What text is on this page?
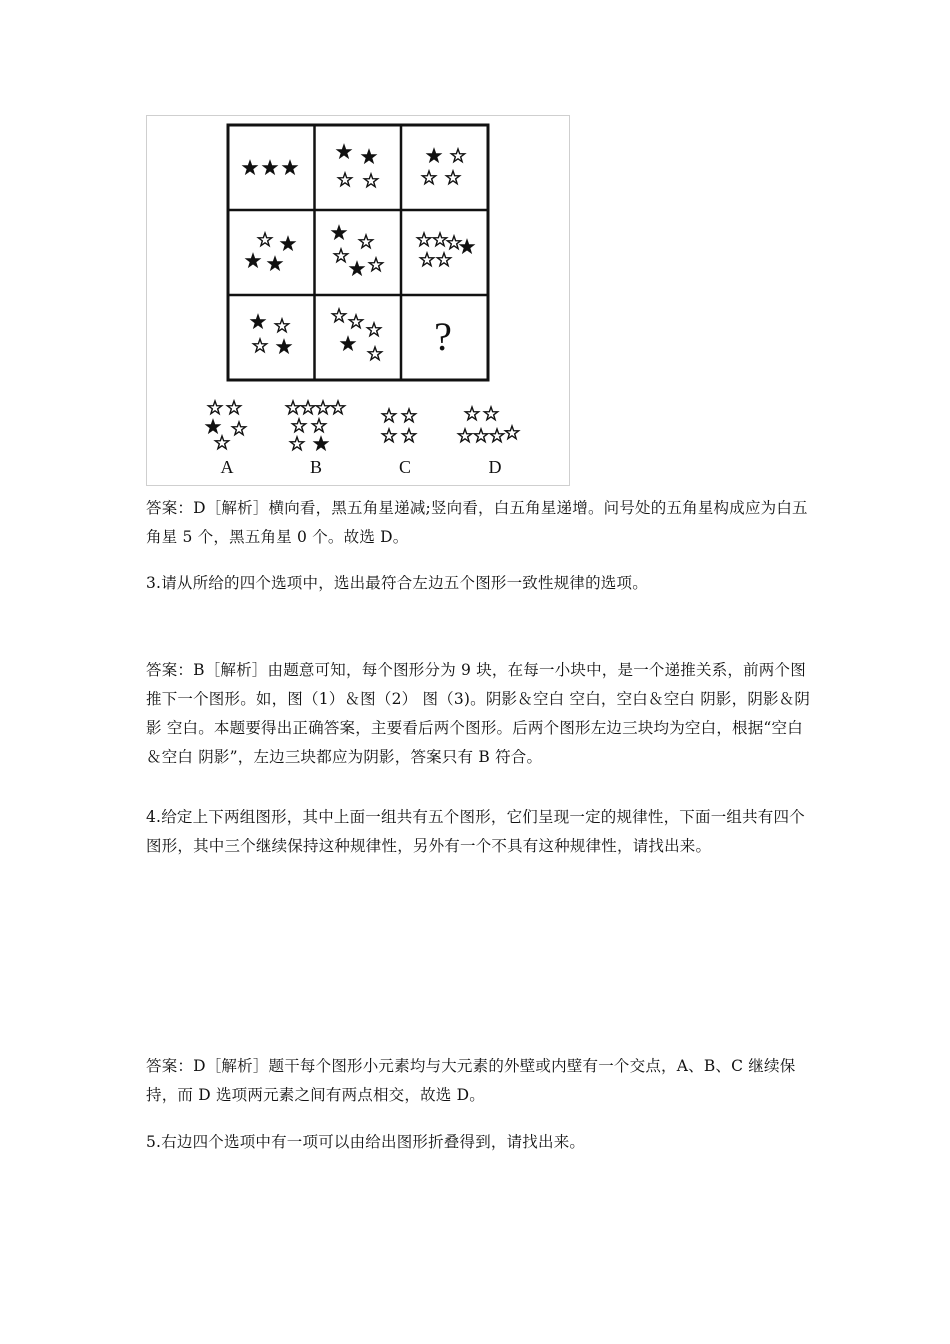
?
A	B	C	D

答案：D［解析］横向看，黑五角星递减;竖向看，白五角星递增。问号处的五角星构成应为白五角星 5 个，黑五角星 0 个。故选 D。

3.请从所给的四个选项中，选出最符合左边五个图形一致性规律的选项。

答案：B［解析］由题意可知，每个图形分为 9 块，在每一小块中，是一个递推关系，前两个图推下一个图形。如，图（1）＆图（2） 图（3)。阴影＆空白 空白，空白＆空白 阴影，阴影＆阴影 空白。本题要得出正确答案，主要看后两个图形。后两个图形左边三块均为空白，根据“空白＆空白 阴影”，左边三块都应为阴影，答案只有 B 符合。

4.给定上下两组图形，其中上面一组共有五个图形，它们呈现一定的规律性，下面一组共有四个图形，其中三个继续保持这种规律性，另外有一个不具有这种规律性，请找出来。

答案：D［解析］题干每个图形小元素均与大元素的外壁或内壁有一个交点，A、B、C 继续保持，而 D 选项两元素之间有两点相交，故选 D。

5.右边四个选项中有一项可以由给出图形折叠得到，请找出来。
